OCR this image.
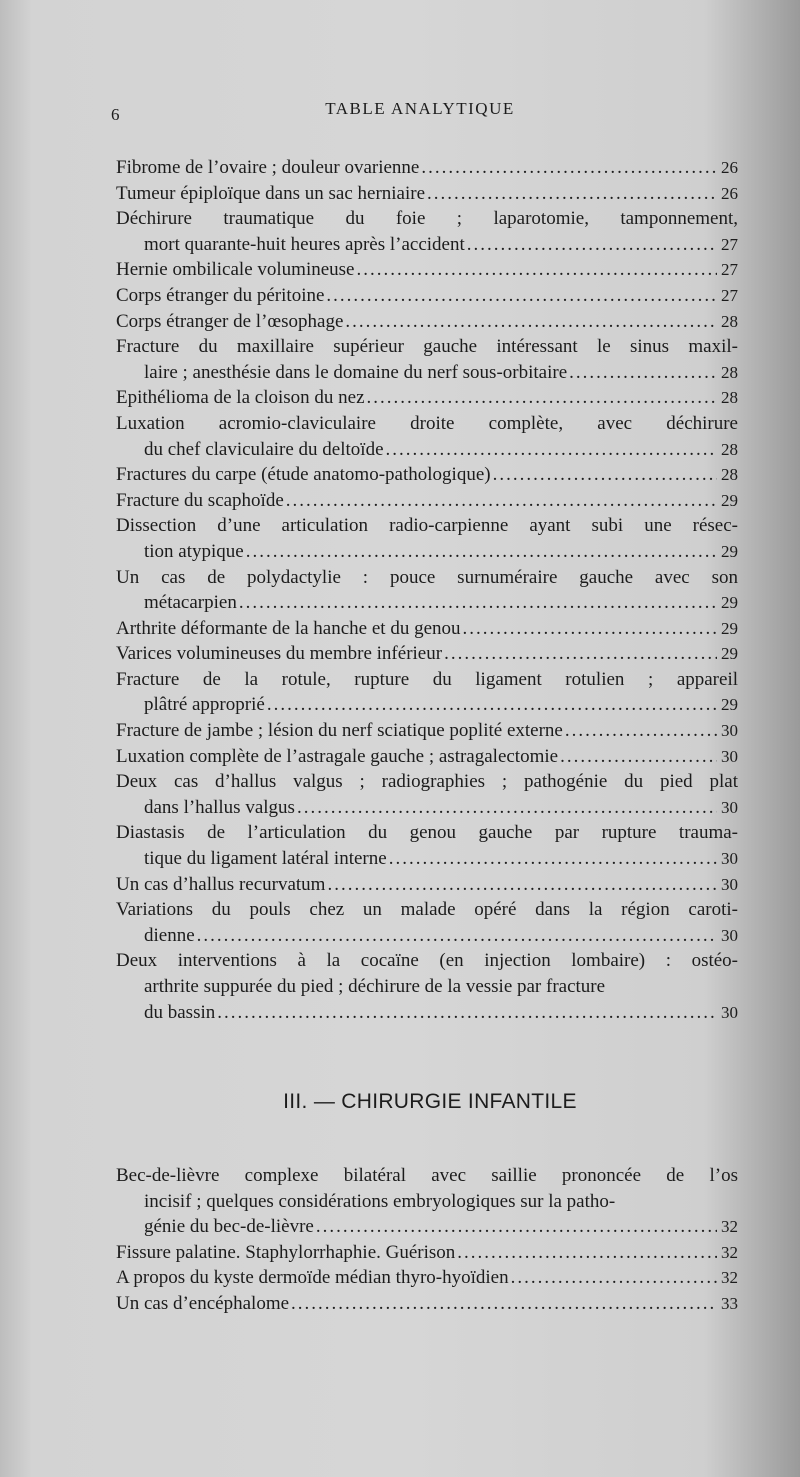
6	TABLE ANALYTIQUE
Fibrome de l’ovaire ; douleur ovarienne .....	26
Tumeur épiploïque dans un sac herniaire .....	26
Déchirure traumatique du foie ; laparotomie, tamponnement,
mort quarante-huit heures après l’accident .....	27
Hernie ombilicale volumineuse .....	27
Corps étranger du péritoine .....	27
Corps étranger de l’œsophage .....	28
Fracture du maxillaire supérieur gauche intéressant le sinus maxil-
laire ; anesthésie dans le domaine du nerf sous-orbitaire .....	28
Epithélioma de la cloison du nez .....	28
Luxation acromio-claviculaire droite complète, avec déchirure
du chef claviculaire du deltoïde .....	28
Fractures du carpe (étude anatomo-pathologique) .....	28
Fracture du scaphoïde .....	29
Dissection d’une articulation radio-carpienne ayant subi une résec-
tion atypique .....	29
Un cas de polydactylie : pouce surnuméraire gauche avec son
métacarpien .....	29
Arthrite déformante de la hanche et du genou .....	29
Varices volumineuses du membre inférieur .....	29
Fracture de la rotule, rupture du ligament rotulien ; appareil
plâtré approprié .....	29
Fracture de jambe ; lésion du nerf sciatique poplité externe .....	30
Luxation complète de l’astragale gauche ; astragalectomie .....	30
Deux cas d’hallus valgus ; radiographies ; pathogénie du pied plat
dans l’hallus valgus .....	30
Diastasis de l’articulation du genou gauche par rupture trauma-
tique du ligament latéral interne .....	30
Un cas d’hallus recurvatum .....	30
Variations du pouls chez un malade opéré dans la région caroti-
dienne .....	30
Deux interventions à la cocaïne (en injection lombaire) : ostéo-
arthrite suppurée du pied ; déchirure de la vessie par fracture
du bassin .....	30
III. — CHIRURGIE INFANTILE
Bec-de-lièvre complexe bilatéral avec saillie prononcée de l’os
incisif ; quelques considérations embryologiques sur la patho-
génie du bec-de-lièvre .....	32
Fissure palatine. Staphylorrhaphie. Guérison .....	32
A propos du kyste dermoïde médian thyro-hyoïdien .....	32
Un cas d’encéphalome .....	33
